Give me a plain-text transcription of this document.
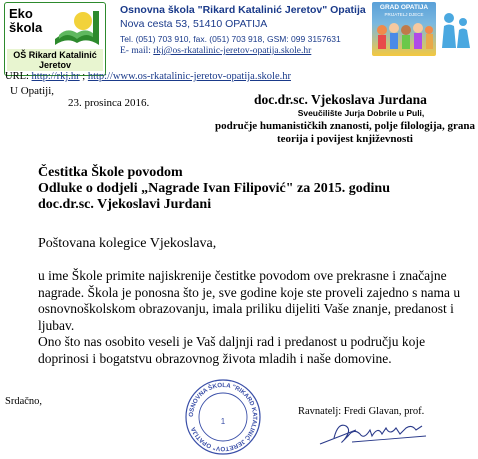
Eko
škola
OŠ Rikard Katalinić Jeretov
Osnovna škola "Rikard Katalinić Jeretov" Opatija
Nova cesta 53, 51410 OPATIJA
Tel. (051) 703 910, fax. (051) 703 918, GSM: 099 3157631
E- mail: rkj@os-rkatalinic-jeretov-opatija.skole.hr
GRAD OPATIJA
PRIJATELJ DJECE
URL: http://rkj.hr ; http://www.os-rkatalinic-jeretov-opatija.skole.hr
U Opatiji,
23. prosinca 2016.	doc.dr.sc. Vjekoslava Jurdana
Sveučilište Jurja Dobrile u Puli,
područje humanističkih znanosti, polje filologija, grana teorija i povijest književnosti
Čestitka Škole povodom
Odluke o dodjeli „Nagrade Ivan Filipović" za 2015. godinu
doc.dr.sc. Vjekoslavi Jurdani
Poštovana kolegice Vjekoslava,
u ime Škole primite najiskrenije čestitke povodom ove prekrasne i značajne nagrade. Škola je ponosna što je, sve godine koje ste proveli zajedno s nama u osnovnoškolskom obrazovanju, imala priliku dijeliti Vaše znanje, predanost i ljubav.
Ono što nas osobito veseli je Vaš daljnji rad i predanost u području koje doprinosi i bogatstvu obrazovnog života mladih i naše domovine.
Srdačno,
OSNOVNA ŠKOLA "RIKARD KATALINIĆ JERETOV" OPATIJA
1
Ravnatelj: Fredi Glavan, prof.
